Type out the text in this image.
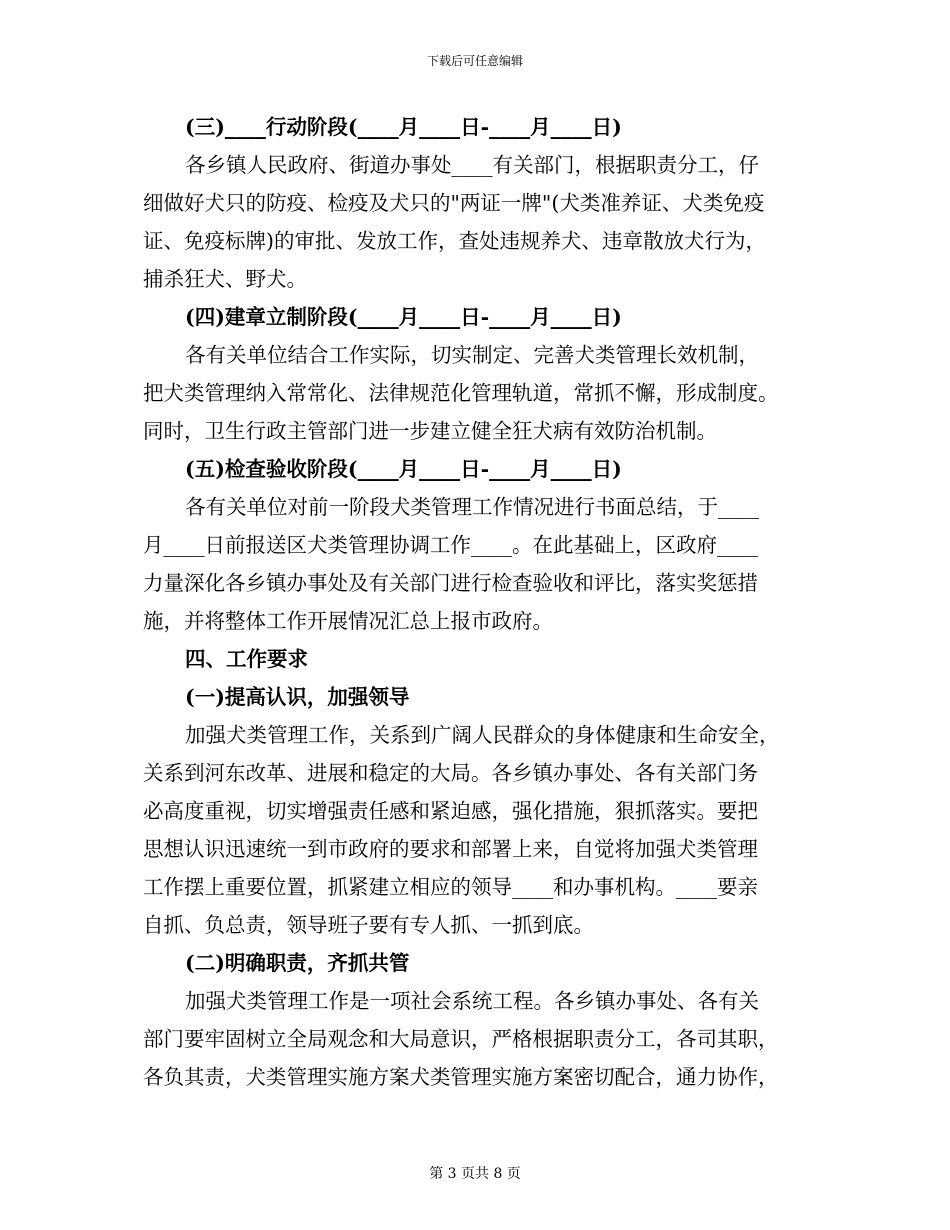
下载后可任意编辑
(三)____行动阶段(____月____日-____月____日)
各乡镇人民政府、街道办事处____有关部门，根据职责分工，仔
细做好犬只的防疫、检疫及犬只的"两证一牌"(犬类准养证、犬类免疫
证、免疫标牌)的审批、发放工作，查处违规养犬、违章散放犬行为，
捕杀狂犬、野犬。
(四)建章立制阶段(____月____日-____月____日)
各有关单位结合工作实际，切实制定、完善犬类管理长效机制，
把犬类管理纳入常常化、法律规范化管理轨道，常抓不懈，形成制度。
同时，卫生行政主管部门进一步建立健全狂犬病有效防治机制。
(五)检查验收阶段(____月____日-____月____日)
各有关单位对前一阶段犬类管理工作情况进行书面总结，于____
月____日前报送区犬类管理协调工作____。在此基础上，区政府____
力量深化各乡镇办事处及有关部门进行检查验收和评比，落实奖惩措
施，并将整体工作开展情况汇总上报市政府。
四、工作要求
(一)提高认识，加强领导
加强犬类管理工作，关系到广阔人民群众的身体健康和生命安全，
关系到河东改革、进展和稳定的大局。各乡镇办事处、各有关部门务
必高度重视，切实增强责任感和紧迫感，强化措施，狠抓落实。要把
思想认识迅速统一到市政府的要求和部署上来，自觉将加强犬类管理
工作摆上重要位置，抓紧建立相应的领导____和办事机构。____要亲
自抓、负总责，领导班子要有专人抓、一抓到底。
(二)明确职责，齐抓共管
加强犬类管理工作是一项社会系统工程。各乡镇办事处、各有关
部门要牢固树立全局观念和大局意识，严格根据职责分工，各司其职，
各负其责，犬类管理实施方案犬类管理实施方案密切配合，通力协作，
第 3 页共 8 页
